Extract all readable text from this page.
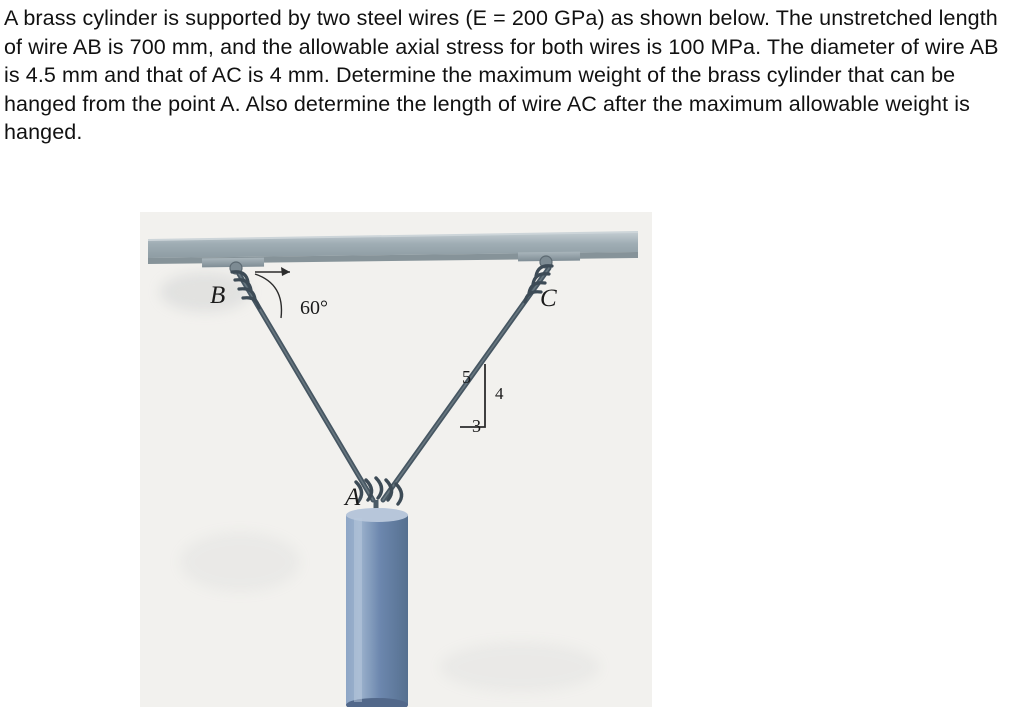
A brass cylinder is supported by two steel wires (E = 200 GPa) as shown below. The unstretched length of wire AB is 700 mm, and the allowable axial stress for both wires is 100 MPa. The diameter of wire AB is 4.5 mm and that of AC is 4 mm. Determine the maximum weight of the brass cylinder that can be hanged from the point A. Also determine the length of wire AC after the maximum allowable weight is hanged.

B	C
A
60°
5
4
3
